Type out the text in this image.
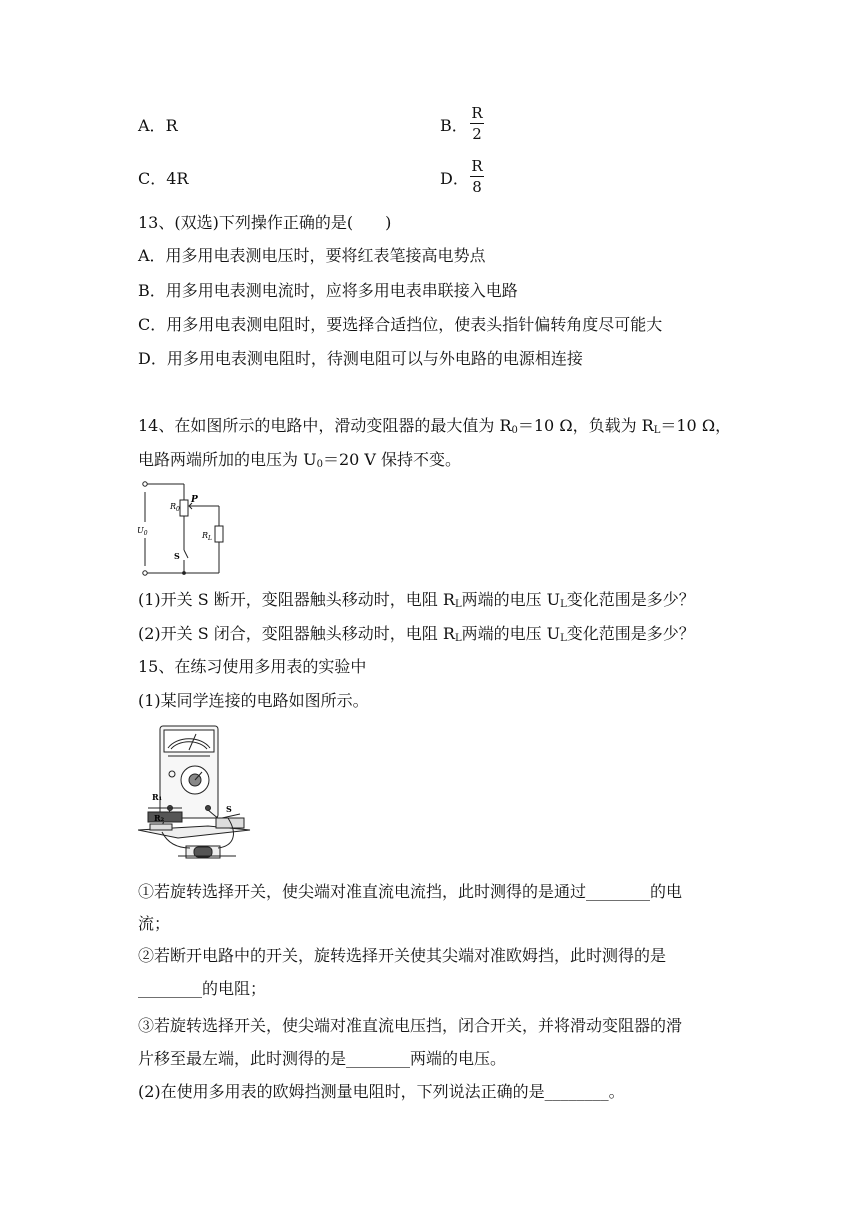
A．R	B．
R
2
C．4R	D．
R
8
13、(双选)下列操作正确的是(　　)
A．用多用电表测电压时，要将红表笔接高电势点
B．用多用电表测电流时，应将多用电表串联接入电路
C．用多用电表测电阻时，要选择合适挡位，使表头指针偏转角度尽可能大
D．用多用电表测电阻时，待测电阻可以与外电路的电源相连接
14、在如图所示的电路中，滑动变阻器的最大值为 $R_0=10$ Ω，负载为 $R_L=10$ Ω，
电路两端所加的电压为 $U_0=20$ V 保持不变。
$R_0$
P
$U_0$	$R_L$
S
(1)开关 S 断开，变阻器触头移动时，电阻 $R_L$两端的电压 $U_L$变化范围是多少？
(2)开关 S 闭合，变阻器触头移动时，电阻 $R_L$两端的电压 $U_L$变化范围是多少？
15、在练习使用多用表的实验中
(1)某同学连接的电路如图所示。
R₁
R₂
S
①若旋转选择开关，使尖端对准直流电流挡，此时测得的是通过________的电
流；
②若断开电路中的开关，旋转选择开关使其尖端对准欧姆挡，此时测得的是
________的电阻；
③若旋转选择开关，使尖端对准直流电压挡，闭合开关，并将滑动变阻器的滑
片移至最左端，此时测得的是________两端的电压。
(2)在使用多用表的欧姆挡测量电阻时，下列说法正确的是________。
